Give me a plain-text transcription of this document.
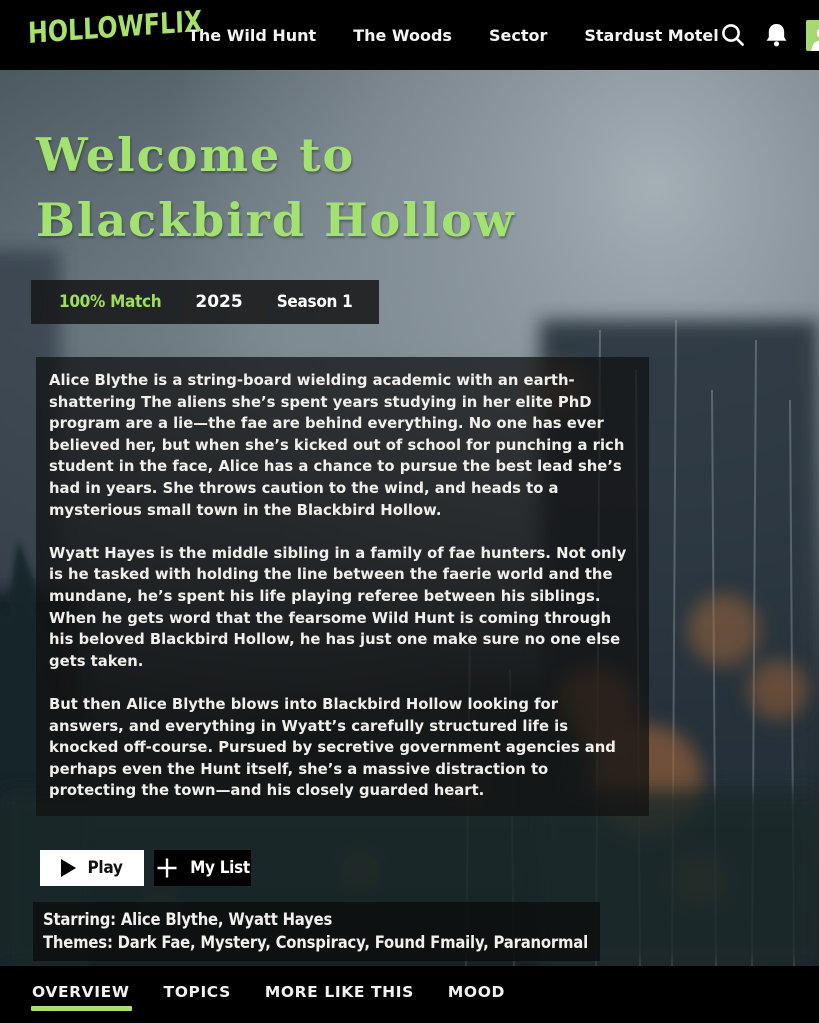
HOLLOWFLIX
The Wild Hunt The Woods Sector Stardust Motel
Welcome to
Blackbird Hollow
100% Match 2025 Season 1

Alice Blythe is a string-board wielding academic with an earth-shattering The aliens she’s spent years studying in her elite PhD program are a lie—the fae are behind everything. No one has ever believed her, but when she’s kicked out of school for punching a rich student in the face, Alice has a chance to pursue the best lead she’s had in years. She throws caution to the wind, and heads to a mysterious small town in the Blackbird Hollow.

Wyatt Hayes is the middle sibling in a family of fae hunters. Not only is he tasked with holding the line between the faerie world and the mundane, he’s spent his life playing referee between his siblings. When he gets word that the fearsome Wild Hunt is coming through his beloved Blackbird Hollow, he has just one make sure no one else gets taken.

But then Alice Blythe blows into Blackbird Hollow looking for answers, and everything in Wyatt’s carefully structured life is knocked off-course. Pursued by secretive government agencies and perhaps even the Hunt itself, she’s a massive distraction to protecting the town—and his closely guarded heart.

Play	My List
Starring: Alice Blythe, Wyatt Hayes
Themes: Dark Fae, Mystery, Conspiracy, Found Fmaily, Paranormal
OVERVIEW TOPICS MORE LIKE THIS MOOD
